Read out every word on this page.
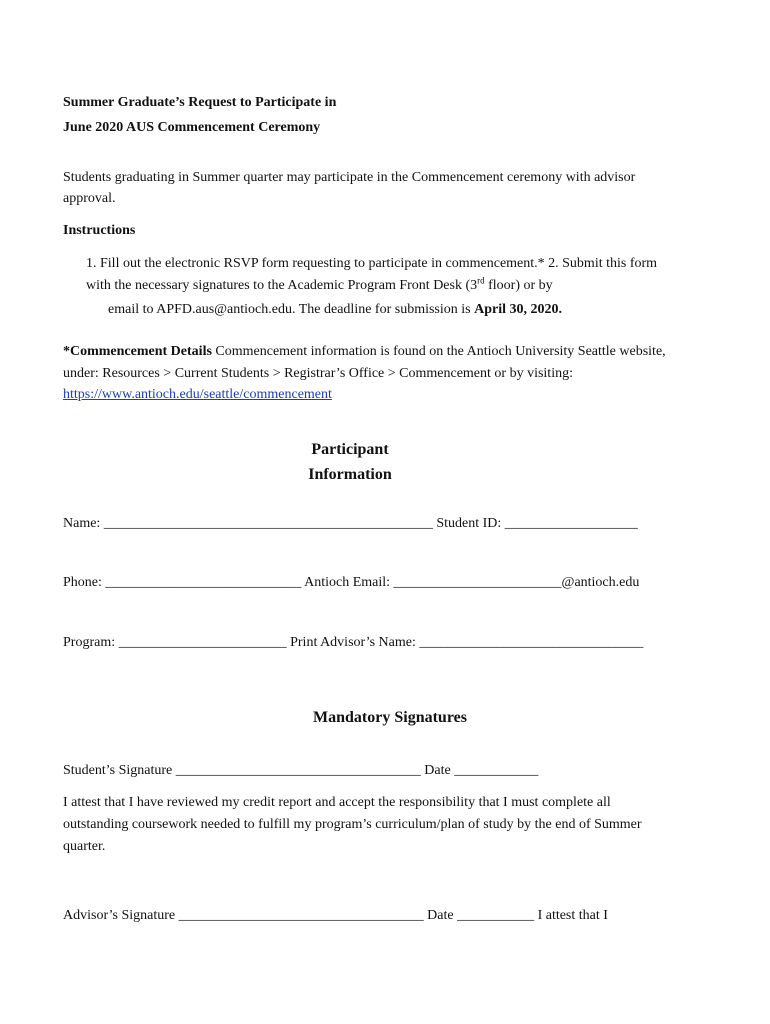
Summer Graduate’s Request to Participate in
June 2020 AUS Commencement Ceremony
Students graduating in Summer quarter may participate in the Commencement ceremony with advisor
approval.
Instructions
1. Fill out the electronic RSVP form requesting to participate in commencement.* 2. Submit this form
with the necessary signatures to the Academic Program Front Desk (3rd floor) or by
email to APFD.aus@antioch.edu. The deadline for submission is April 30, 2020.
*Commencement Details Commencement information is found on the Antioch University Seattle website,
under: Resources > Current Students > Registrar’s Office > Commencement or by visiting:
https://www.antioch.edu/seattle/commencement
Participant
Information
Name: _______________________________________________ Student ID: ___________________
Phone: ____________________________ Antioch Email: ________________________@antioch.edu
Program: ________________________ Print Advisor’s Name: ________________________________
Mandatory Signatures
Student’s Signature ___________________________________ Date ____________
I attest that I have reviewed my credit report and accept the responsibility that I must complete all
outstanding coursework needed to fulfill my program’s curriculum/plan of study by the end of Summer
quarter.
Advisor’s Signature ___________________________________ Date ___________ I attest that I
